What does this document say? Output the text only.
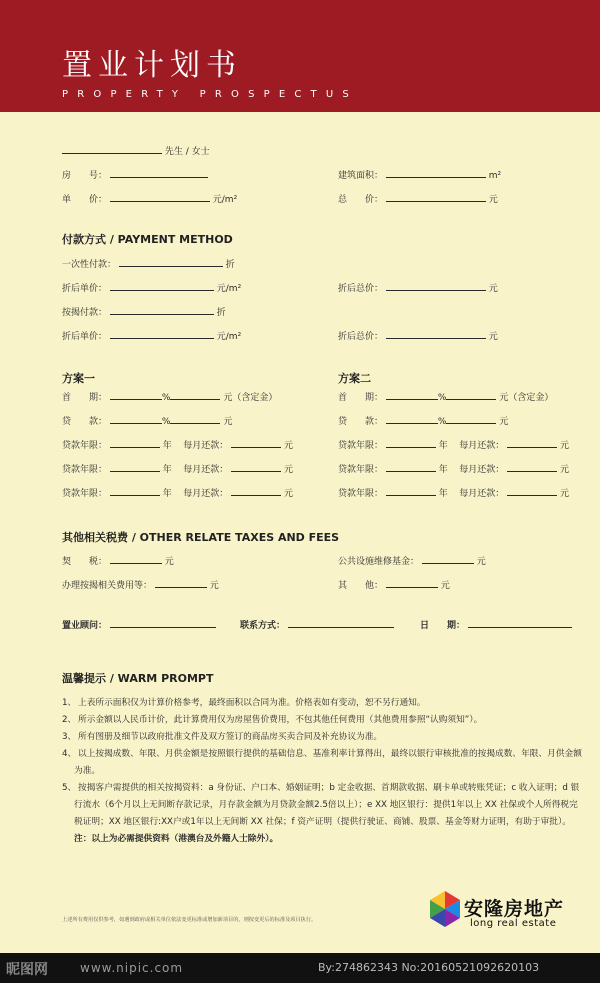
置业计划书
PROPERTY PROSPECTUS
先生 / 女士
房　　号：	建筑面积：	m²
单　　价：	元/m²	总　　价：	元
付款方式 / PAYMENT METHOD
一次性付款：	折
折后单价：	元/m²	折后总价：	元
按揭付款：	折
折后单价：	元/m²	折后总价：	元
方案一	方案二
首　　期：	%	元（含定金）	首　　期：	%	元（含定金）
贷　　款：	%	元	贷　　款：	%	元
贷款年限：	年 每月还款：	元	贷款年限：	年 每月还款：	元
贷款年限：	年 每月还款：	元	贷款年限：	年 每月还款：	元
贷款年限：	年 每月还款：	元	贷款年限：	年 每月还款：	元
其他相关税费 / OTHER RELATE TAXES AND FEES
契　　税：	元	公共设施维修基金：	元
办理按揭相关费用等：	元	其　　他：	元
置业顾问：	联系方式：	日　　期：
温馨提示 / WARM PROMPT
1、 上表所示面积仅为计算价格参考，最终面积以合同为准。价格表如有变动，恕不另行通知。
2、 所示金额以人民币计价，此计算费用仅为房屋售价费用，不包其他任何费用（其他费用参照“认购须知”）。
3、 所有图册及细节以政府批准文件及双方签订的商品房买卖合同及补充协议为准。
4、 以上按揭成数、年限、月供金额是按照银行提供的基础信息、基准利率计算得出，最终以银行审核批准的按揭成数、年限、月供金额为准。
5、 按揭客户需提供的相关按揭资料：a 身份证、户口本、婚姻证明；b 定金收据、首期款收据、刷卡单或转账凭证；c 收入证明；d 银行流水（6个月以上无间断存款记录，月存款金额为月贷款金额2.5倍以上）；e XX 地区银行：提供1年以上 XX 社保或个人所得税完税证明；XX 地区银行:XX户或1年以上无间断 XX 社保；f 资产证明（提供行驶证、商铺、股票、基金等财力证明，有助于审批）。
注：以上为必需提供资料（港澳台及外籍人士除外）。
上述所有费用仅供参考，如遇到政府或相关单位依法变更标准或增加新项目的，则按变更后的标准及项目执行。	安隆房地产
long real estate
昵图网	www.nipic.com	By:274862343 No:20160521092620103
